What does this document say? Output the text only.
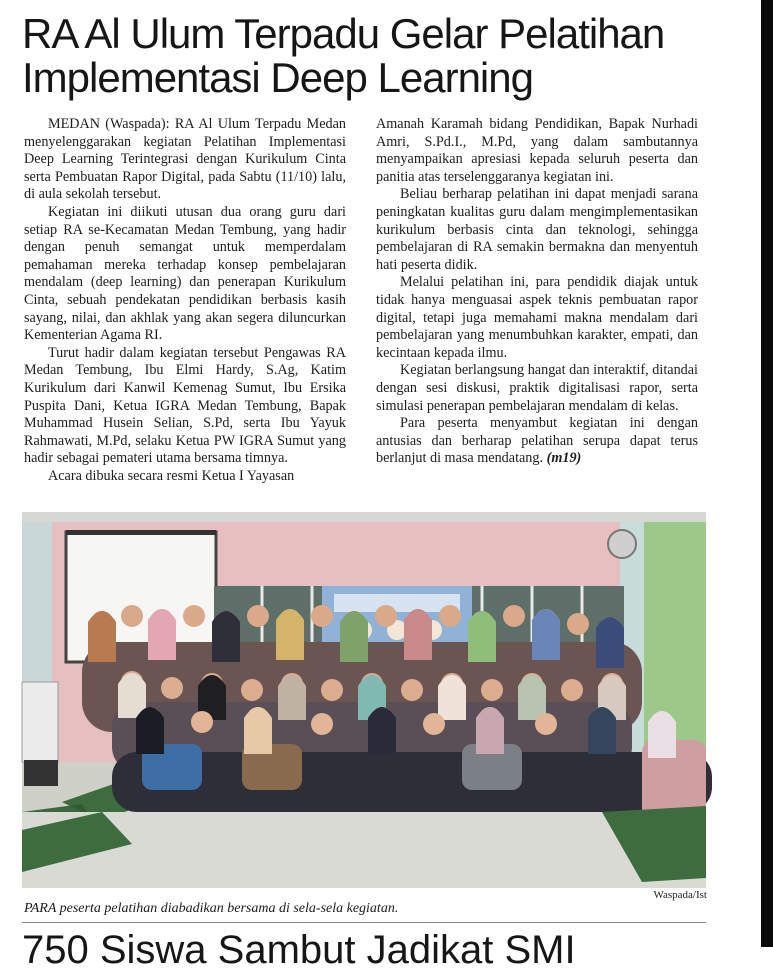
RA Al Ulum Terpadu Gelar Pelatihan
Implementasi Deep Learning

MEDAN (Waspada): RA Al Ulum Terpadu Medan menyelenggarakan kegiatan Pelatihan Implementasi Deep Learning Terintegrasi dengan Kurikulum Cinta serta Pembuatan Rapor Digital, pada Sabtu (11/10) lalu, di aula sekolah tersebut.

Kegiatan ini diikuti utusan dua orang guru dari setiap RA se-Kecamatan Medan Tembung, yang hadir dengan penuh semangat untuk memperdalam pemahaman mereka terhadap konsep pembelajaran mendalam (deep learning) dan penerapan Kurikulum Cinta, sebuah pendekatan pendidikan berbasis kasih sayang, nilai, dan akhlak yang akan segera diluncurkan Kementerian Agama RI.

Turut hadir dalam kegiatan tersebut Pengawas RA Medan Tembung, Ibu Elmi Hardy, S.Ag, Katim Kurikulum dari Kanwil Kemenag Sumut, Ibu Ersika Puspita Dani, Ketua IGRA Medan Tembung, Bapak Muhammad Husein Selian, S.Pd, serta Ibu Yayuk Rahmawati, M.Pd, selaku Ketua PW IGRA Sumut yang hadir sebagai pemateri utama bersama timnya.

Acara dibuka secara resmi Ketua I Yayasan

Amanah Karamah bidang Pendidikan, Bapak Nurhadi Amri, S.Pd.I., M.Pd, yang dalam sambutannya menyampaikan apresiasi kepada seluruh peserta dan panitia atas terselenggaranya kegiatan ini.

Beliau berharap pelatihan ini dapat menjadi sarana peningkatan kualitas guru dalam mengimplementasikan kurikulum berbasis cinta dan teknologi, sehingga pembelajaran di RA semakin bermakna dan menyentuh hati peserta didik.

Melalui pelatihan ini, para pendidik diajak untuk tidak hanya menguasai aspek teknis pembuatan rapor digital, tetapi juga memahami makna mendalam dari pembelajaran yang menumbuhkan karakter, empati, dan kecintaan kepada ilmu.

Kegiatan berlangsung hangat dan interaktif, ditandai dengan sesi diskusi, praktik digitalisasi rapor, serta simulasi penerapan pembelajaran mendalam di kelas.

Para peserta menyambut kegiatan ini dengan antusias dan berharap pelatihan serupa dapat terus berlanjut di masa mendatang. (m19)

Waspada/Ist
PARA peserta pelatihan diabadikan bersama di sela-sela kegiatan.
750 Siswa Sambut Jadikat SMI
